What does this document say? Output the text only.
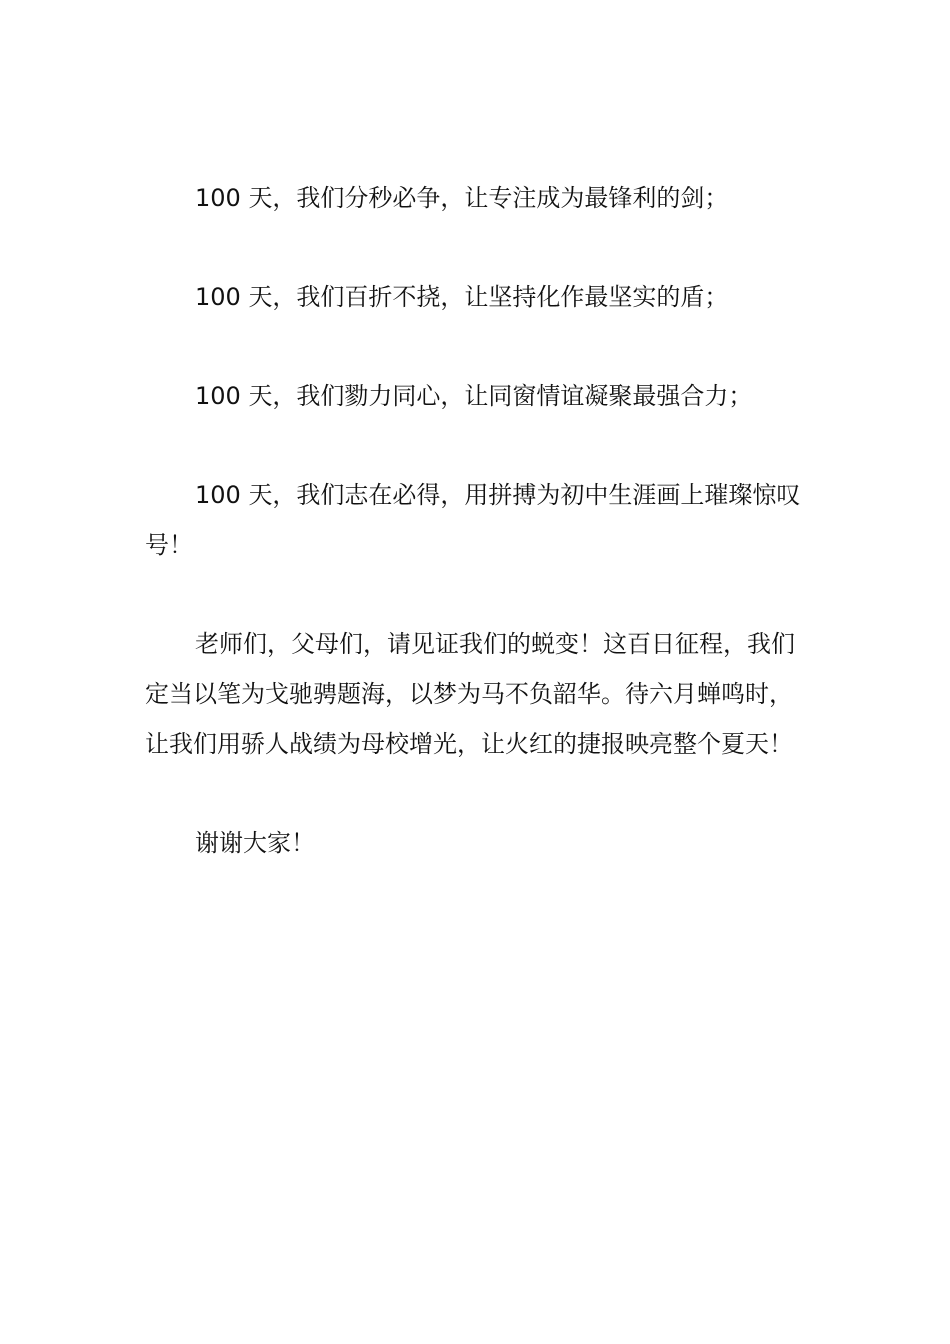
100 天，我们分秒必争，让专注成为最锋利的剑；

100 天，我们百折不挠，让坚持化作最坚实的盾；

100 天，我们勠力同心，让同窗情谊凝聚最强合力；

100 天，我们志在必得，用拼搏为初中生涯画上璀璨惊叹号！

老师们，父母们，请见证我们的蜕变！这百日征程，我们定当以笔为戈驰骋题海，以梦为马不负韶华。待六月蝉鸣时，让我们用骄人战绩为母校增光，让火红的捷报映亮整个夏天！

谢谢大家！
